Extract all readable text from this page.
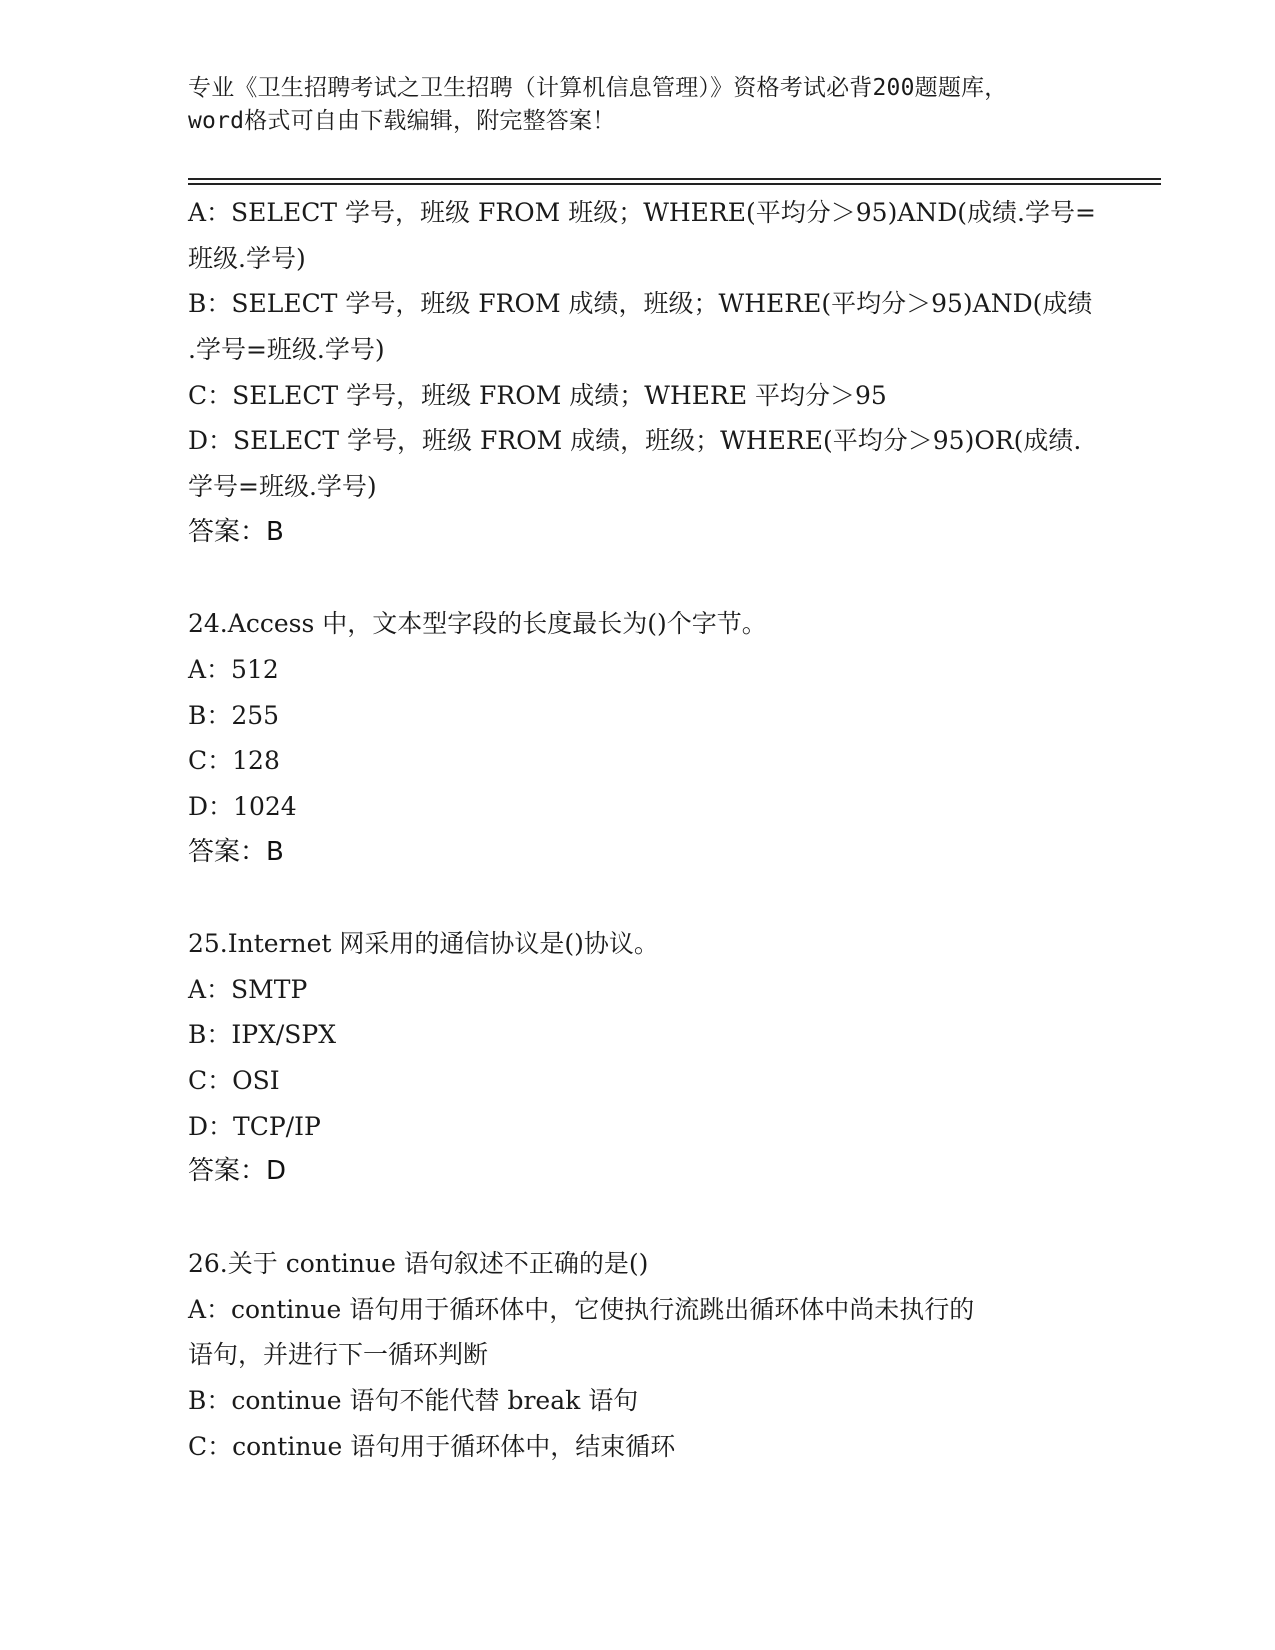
专业《卫生招聘考试之卫生招聘（计算机信息管理）》资格考试必背200题题库，
word格式可自由下载编辑，附完整答案！
A：SELECT 学号，班级 FROM 班级；WHERE(平均分＞95)AND(成绩.学号=
班级.学号)
B：SELECT 学号，班级 FROM 成绩，班级；WHERE(平均分＞95)AND(成绩
.学号=班级.学号)
C：SELECT 学号，班级 FROM 成绩；WHERE 平均分＞95
D：SELECT 学号，班级 FROM 成绩，班级；WHERE(平均分＞95)OR(成绩.
学号=班级.学号)
答案：B
24.Access 中，文本型字段的长度最长为()个字节。
A：512
B：255
C：128
D：1024
答案：B
25.Internet 网采用的通信协议是()协议。
A：SMTP
B：IPX/SPX
C：OSI
D：TCP/IP
答案：D
26.关于 continue 语句叙述不正确的是()
A：continue 语句用于循环体中，它使执行流跳出循环体中尚未执行的
语句，并进行下一循环判断
B：continue 语句不能代替 break 语句
C：continue 语句用于循环体中，结束循环
